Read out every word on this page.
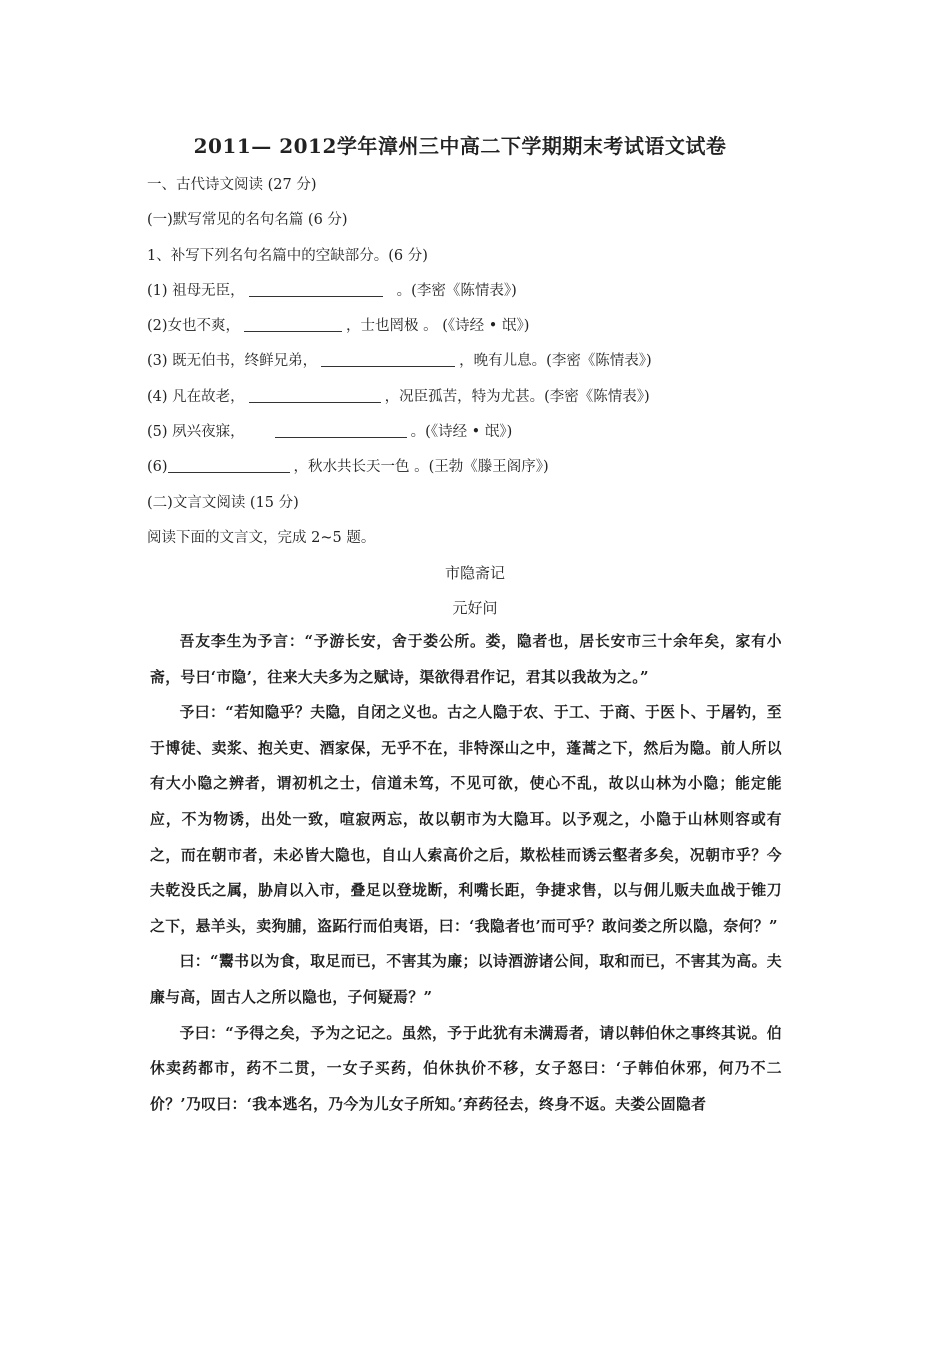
2011— 2012学年漳州三中高二下学期期末考试语文试卷
一、古代诗文阅读 (27 分)
(一)默写常见的名句名篇 (6 分)
1、补写下列名句名篇中的空缺部分。(6 分)
(1) 祖母无臣，	。(李密《陈情表》)
(2)女也不爽，	，士也罔极 。 (《诗经 • 氓》)
(3) 既无伯书，终鲜兄弟，	，晚有儿息。(李密《陈情表》)
(4) 凡在故老，	，况臣孤苦，特为尤甚。(李密《陈情表》)
(5) 夙兴夜寐，	。(《诗经 • 氓》)
(6)	，秋水共长天一色 。(王勃《滕王阁序》)
(二)文言文阅读 (15 分)
阅读下面的文言文，完成 2~5 题。
市隐斋记
元好问

吾友李生为予言：“予游长安，舍于娄公所。娄，隐者也，居长安市三十余年矣，家有小斋，号曰‘市隐’，往来大夫多为之赋诗，渠欲得君作记，君其以我故为之。”

予曰：“若知隐乎？夫隐，自闭之义也。古之人隐于农、于工、于商、于医卜、于屠钓，至于博徒、卖浆、抱关吏、酒家保，无乎不在，非特深山之中，蓬蒿之下，然后为隐。前人所以有大小隐之辨者，谓初机之士，信道未笃，不见可欲，使心不乱，故以山林为小隐；能定能应，不为物诱，出处一致，喧寂两忘，故以朝市为大隐耳。以予观之，小隐于山林则容或有之，而在朝市者，未必皆大隐也，自山人索高价之后，欺松桂而诱云壑者多矣，况朝市乎？今夫乾没氏之属，胁肩以入市，叠足以登垅断，利嘴长距，争捷求售，以与佣儿贩夫血战于锥刀之下，悬羊头，卖狗脯，盗跖行而伯夷语，曰：‘我隐者也’而可乎？敢问娄之所以隐，奈何？”

曰：“鬻书以为食，取足而已，不害其为廉；以诗酒游诸公间，取和而已，不害其为高。夫廉与高，固古人之所以隐也，子何疑焉？”

予曰：“予得之矣，予为之记之。虽然，予于此犹有未满焉者，请以韩伯休之事终其说。伯休卖药都市，药不二贯，一女子买药，伯休执价不移，女子怒曰：‘子韩伯休邪，何乃不二价？’乃叹曰：‘我本逃名，乃今为儿女子所知。’弃药径去，终身不返。夫娄公固隐者
